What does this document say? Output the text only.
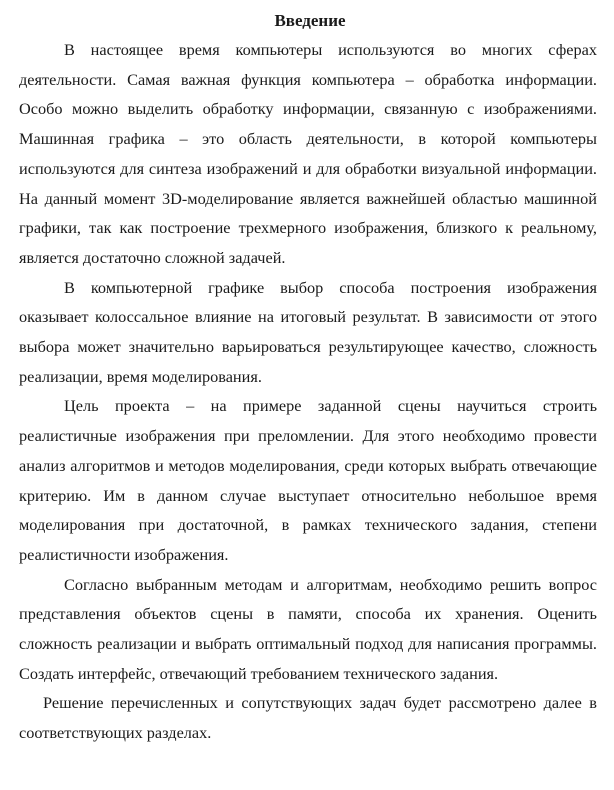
Введение

В настоящее время компьютеры используются во многих сферах деятельности. Самая важная функция компьютера – обработка информации. Особо можно выделить обработку информации, связанную с изображениями. Машинная графика – это область деятельности, в которой компьютеры используются для синтеза изображений и для обработки визуальной информации. На данный момент 3D-моделирование является важнейшей областью машинной графики, так как построение трехмерного изображения, близкого к реальному, является достаточно сложной задачей.

В компьютерной графике выбор способа построения изображения оказывает колоссальное влияние на итоговый результат. В зависимости от этого выбора может значительно варьироваться результирующее качество, сложность реализации, время моделирования.

Цель проекта – на примере заданной сцены научиться строить реалистичные изображения при преломлении. Для этого необходимо провести анализ алгоритмов и методов моделирования, среди которых выбрать отвечающие критерию. Им в данном случае выступает относительно небольшое время моделирования при достаточной, в рамках технического задания, степени реалистичности изображения.

Согласно выбранным методам и алгоритмам, необходимо решить вопрос представления объектов сцены в памяти, способа их хранения. Оценить сложность реализации и выбрать оптимальный подход для написания программы. Создать интерфейс, отвечающий требованием технического задания.

Решение перечисленных и сопутствующих задач будет рассмотрено далее в соответствующих разделах.
